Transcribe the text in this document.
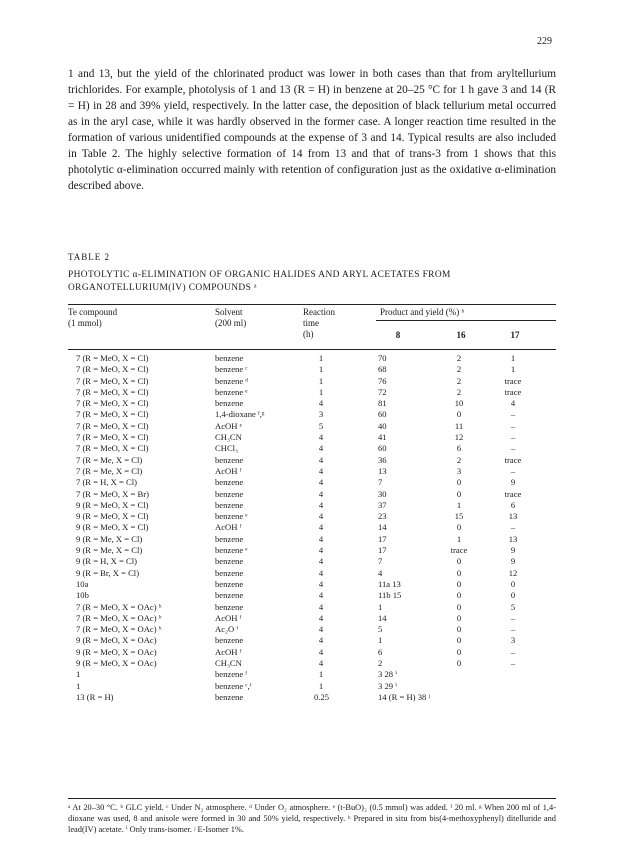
229

1 and 13, but the yield of the chlorinated product was lower in both cases than that from aryltellurium trichlorides. For example, photolysis of 1 and 13 (R = H) in benzene at 20–25 °C for 1 h gave 3 and 14 (R = H) in 28 and 39% yield, respectively. In the latter case, the deposition of black tellurium metal occurred as in the aryl case, while it was hardly observed in the former case. A longer reaction time resulted in the formation of various unidentified compounds at the expense of 3 and 14. Typical results are also included in Table 2. The highly selective formation of 14 from 13 and that of trans-3 from 1 shows that this photolytic α-elimination occurred mainly with retention of configuration just as the oxidative α-elimination described above.

TABLE 2
PHOTOLYTIC α-ELIMINATION OF ORGANIC HALIDES AND ARYL ACETATES FROM ORGANOTELLURIUM(IV) COMPOUNDS ᵃ
Te compound
(1 mmol)
Solvent
(200 ml)
Reaction
time
(h)
Product and yield (%) ᵇ
8	16	17
7 (R = MeO, X = Cl)	benzene	1	70	2	1
7 (R = MeO, X = Cl)	benzene ᶜ	1	68	2	1
7 (R = MeO, X = Cl)	benzene ᵈ	1	76	2	trace
7 (R = MeO, X = Cl)	benzene ᵉ	1	72	2	trace
7 (R = MeO, X = Cl)	benzene	4	81	10	4
7 (R = MeO, X = Cl)	1,4-dioxane ᶠ,ᵍ	3	60	0	–
7 (R = MeO, X = Cl)	AcOH ᵉ	5	40	11	–
7 (R = MeO, X = Cl)	CH₃CN	4	41	12	–
7 (R = MeO, X = Cl)	CHCl₃	4	60	6	–
7 (R = Me, X = Cl)	benzene	4	36	2	trace
7 (R = Me, X = Cl)	AcOH ᶠ	4	13	3	–
7 (R = H, X = Cl)	benzene	4	7	0	9
7 (R = MeO, X = Br)	benzene	4	30	0	trace
9 (R = MeO, X = Cl)	benzene	4	37	1	6
9 (R = MeO, X = Cl)	benzene ᵉ	4	23	15	13
9 (R = MeO, X = Cl)	AcOH ᶠ	4	14	0	–
9 (R = Me, X = Cl)	benzene	4	17	1	13
9 (R = Me, X = Cl)	benzene ᵉ	4	17	trace	9
9 (R = H, X = Cl)	benzene	4	7	0	9
9 (R = Br, X = Cl)	benzene	4	4	0	12
10a	benzene	4	11a 13	0	0
10b	benzene	4	11b 15	0	0
7 (R = MeO, X = OAc) ʰ	benzene	4	1	0	5
7 (R = MeO, X = OAc) ʰ	AcOH ᶠ	4	14	0	–
7 (R = MeO, X = OAc) ʰ	Ac₂O ᶠ	4	5	0	–
9 (R = MeO, X = OAc)	benzene	4	1	0	3
9 (R = MeO, X = OAc)	AcOH ᶠ	4	6	0	–
9 (R = MeO, X = OAc)	CH₃CN	4	2	0	–
1	benzene ᶠ	1	3 28 ⁱ
1	benzene ᶜ,ᶠ	1	3 29 ⁱ
13 (R = H)	benzene	0.25	14 (R = H) 38 ʲ
ᵃ At 20–30 °C. ᵇ GLC yield. ᶜ Under N₂ atmosphere. ᵈ Under O₂ atmosphere. ᵉ (t-BuO)₂ (0.5 mmol) was added. ᶠ 20 ml. ᵍ When 200 ml of 1,4-dioxane was used, 8 and anisole were formed in 30 and 50% yield, respectively. ʰ Prepared in situ from bis(4-methoxyphenyl) ditelluride and lead(IV) acetate. ⁱ Only trans-isomer. ʲ E-Isomer 1%.
